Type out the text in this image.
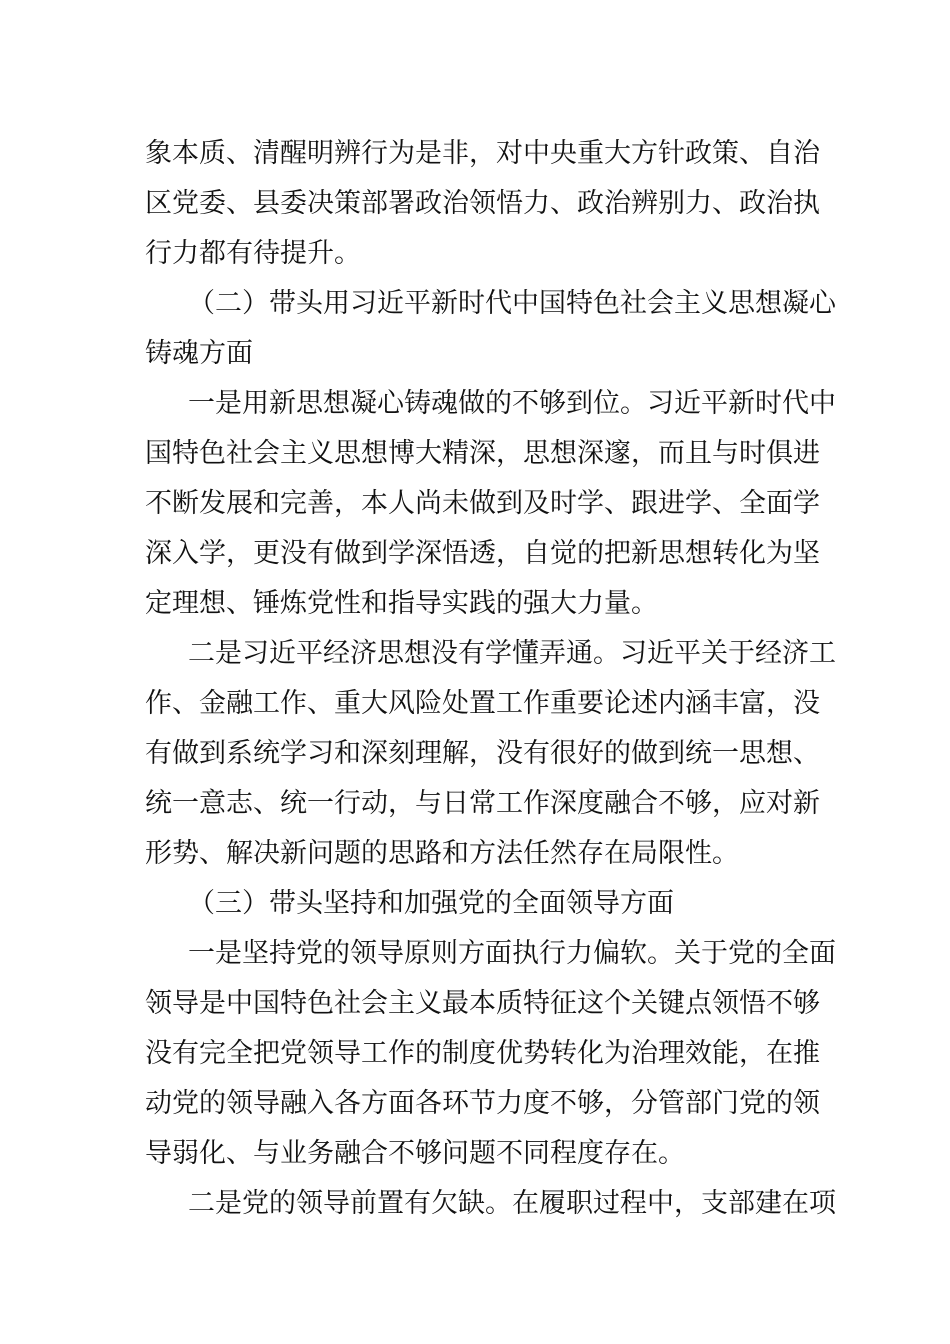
象本质、清醒明辨行为是非，对中央重大方针政策、自治

区党委、县委决策部署政治领悟力、政治辨别力、政治执

行力都有待提升。

（二）带头用习近平新时代中国特色社会主义思想凝心

铸魂方面

一是用新思想凝心铸魂做的不够到位。习近平新时代中

国特色社会主义思想博大精深，思想深邃，而且与时俱进

不断发展和完善，本人尚未做到及时学、跟进学、全面学

深入学，更没有做到学深悟透，自觉的把新思想转化为坚

定理想、锤炼党性和指导实践的强大力量。

二是习近平经济思想没有学懂弄通。习近平关于经济工

作、金融工作、重大风险处置工作重要论述内涵丰富，没

有做到系统学习和深刻理解，没有很好的做到统一思想、

统一意志、统一行动，与日常工作深度融合不够，应对新

形势、解决新问题的思路和方法任然存在局限性。

（三）带头坚持和加强党的全面领导方面

一是坚持党的领导原则方面执行力偏软。关于党的全面

领导是中国特色社会主义最本质特征这个关键点领悟不够

没有完全把党领导工作的制度优势转化为治理效能，在推

动党的领导融入各方面各环节力度不够，分管部门党的领

导弱化、与业务融合不够问题不同程度存在。

二是党的领导前置有欠缺。在履职过程中，支部建在项
